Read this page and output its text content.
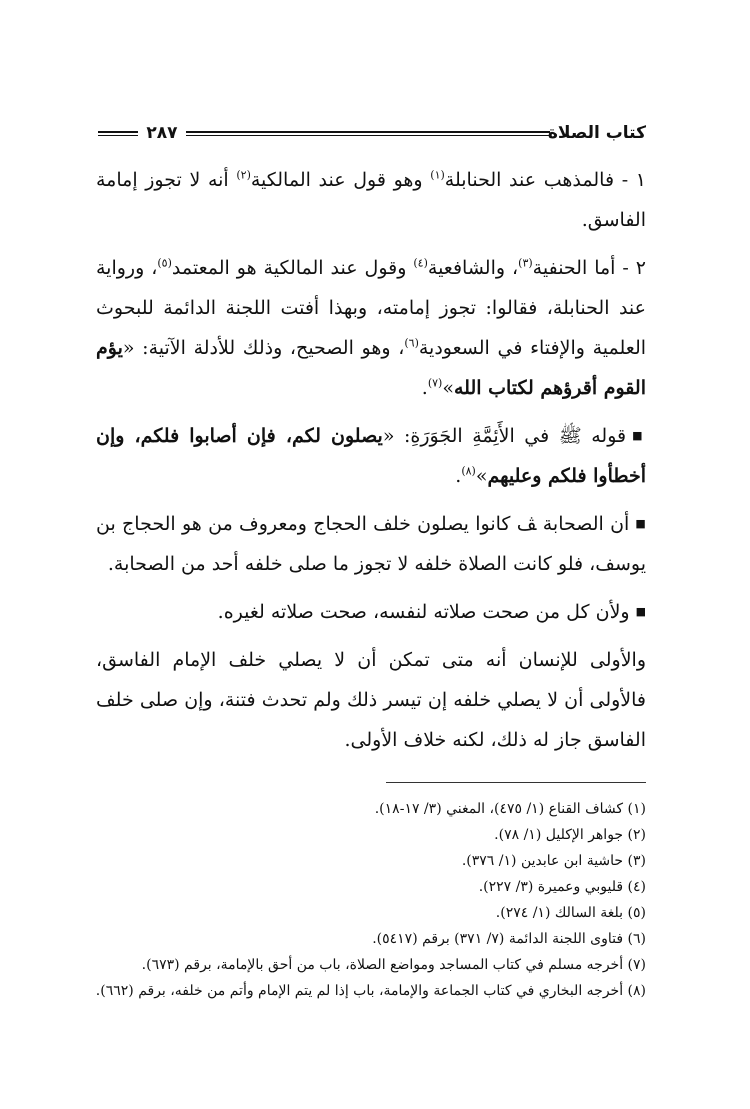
كتاب الصلاة
٢٨٧

١ - فالمذهب عند الحنابلة$^{(١)}$ وهو قول عند المالكية$^{(٢)}$ أنه لا تجوز إمامة الفاسق.

٢ - أما الحنفية$^{(٣)}$، والشافعية$^{(٤)}$ وقول عند المالكية هو المعتمد$^{(٥)}$، ورواية عند الحنابلة، فقالوا: تجوز إمامته، وبهذا أفتت اللجنة الدائمة للبحوث العلمية والإفتاء في السعودية$^{(٦)}$، وهو الصحيح، وذلك للأدلة الآتية: «يؤم القوم أقرؤهم لكتاب الله»$^{(٧)}$.

■ قوله ﷺ في الأَئِمَّةِ الجَوَرَةِ: «يصلون لكم، فإن أصابوا فلكم، وإن أخطأوا فلكم وعليهم»$^{(٨)}$.

■ أن الصحابة ﭫ كانوا يصلون خلف الحجاج ومعروف من هو الحجاج بن يوسف، فلو كانت الصلاة خلفه لا تجوز ما صلى خلفه أحد من الصحابة.

■ ولأن كل من صحت صلاته لنفسه، صحت صلاته لغيره.

والأولى للإنسان أنه متى تمكن أن لا يصلي خلف الإمام الفاسق، فالأولى أن لا يصلي خلفه إن تيسر ذلك ولم تحدث فتنة، وإن صلى خلف الفاسق جاز له ذلك، لكنه خلاف الأولى.

(١) كشاف القناع (١/ ٤٧٥)، المغني (٣/ ١٧-١٨).

(٢) جواهر الإكليل (١/ ٧٨).

(٣) حاشية ابن عابدين (١/ ٣٧٦).

(٤) قليوبي وعميرة (٣/ ٢٢٧).

(٥) بلغة السالك (١/ ٢٧٤).

(٦) فتاوى اللجنة الدائمة (٧/ ٣٧١) برقم (٥٤١٧).

(٧) أخرجه مسلم في كتاب المساجد ومواضع الصلاة، باب من أحق بالإمامة، برقم (٦٧٣).

(٨) أخرجه البخاري في كتاب الجماعة والإمامة، باب إذا لم يتم الإمام وأتم من خلفه، برقم (٦٦٢).
